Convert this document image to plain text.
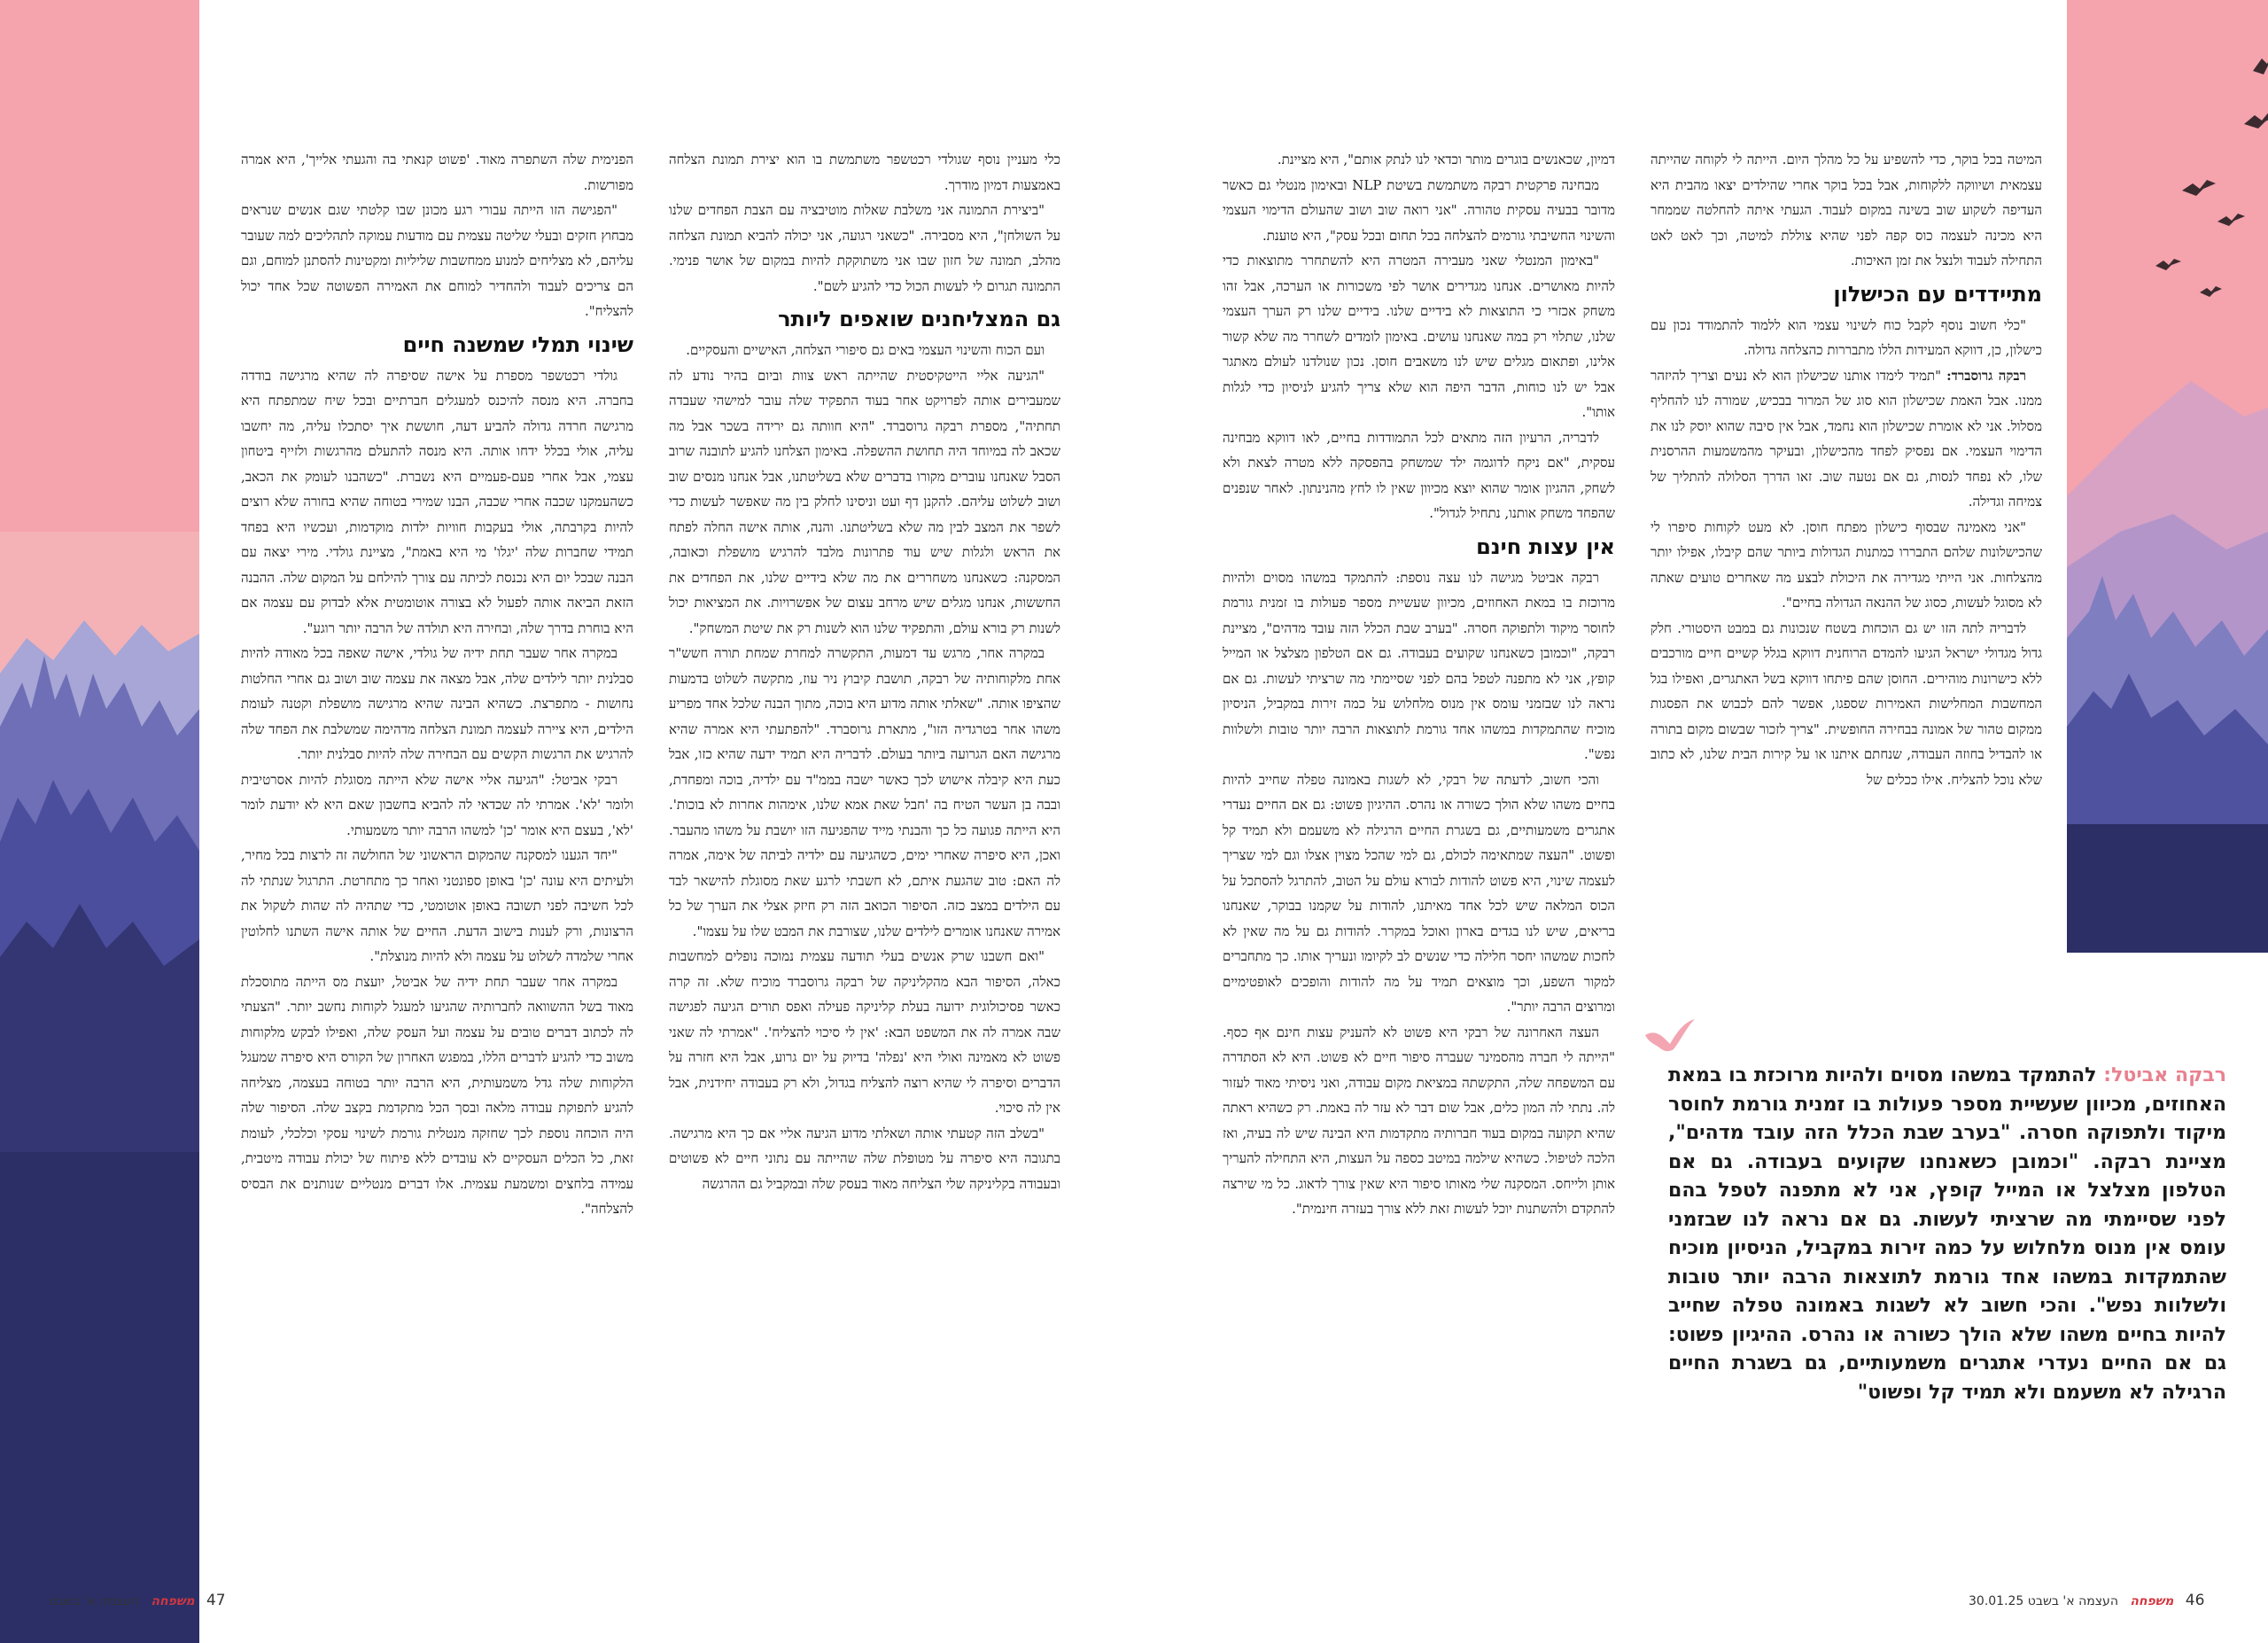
המיטה בכל בוקר, כדי להשפיע על כל מהלך היום. הייתה לי לקוחה שהייתה עצמאית ושיווקה ללקוחות, אבל בכל בוקר אחרי שהילדים יצאו מהבית היא העדיפה לשקוע שוב בשינה במקום לעבוד. הגעתי איתה להחלטה שממחר היא מכינה לעצמה כוס קפה לפני שהיא צוללת למיטה, וכך לאט לאט התחילה לעבוד ולנצל את זמן האיכות.

מתיידדים עם הכישלון

"כלי חשוב נוסף לקבל כוח לשינוי עצמי הוא ללמוד להתמודד נכון עם כישלון, כן, דווקא המעידות הללו מתבררות כהצלחה גדולה.

רבקה גרוסברד: "תמיד לימדו אותנו שכישלון הוא לא נעים וצריך להיזהר ממנו. אבל האמת שכישלון הוא סוג של המרור בבכיש, שמורה לנו להחליף מסלול. אני לא אומרת שכישלון הוא נחמד, אבל אין סיבה שהוא יוסק לנו את הדימוי העצמי. אם נפסיק לפחד מהכישלון, ובעיקר מהמשמעות ההרסנית שלו, לא נפחד לנסות, גם אם נטעה שוב. זאו הדרך הסלולה להתליך של צמיחה וגדילה.

"אני מאמינה שבסוף כישלון מפתח חוסן. לא מעט לקוחות סיפרו לי שהכישלונות שלהם התבררו כמתנות הגדולות ביותר שהם קיבלו, אפילו יותר מהצלחות. אני הייתי מגדירה את היכולת לבצע מה שאחרים טועים שאתה לא מסוגל לעשות, כסוג של ההנאה הגדולה בחיים".

לדבריה לתה הזו יש גם הוכחות בשטח שנכונות גם במבט היסטורי. חלק גדול מגדולי ישראל הגיעו להמדם הרוחנית דווקא בגלל קשיים חיים מורכבים ללא כישרונות מוהירים. החוסן שהם פיתחו דווקא בשל האתגרים, ואפילו בגל המחשבות המחלישות האמירות שספגו, אפשר להם לכבוש את הפסגות ממקום טהור של אמונה בבחירה החופשית. "צריך לזכור שבשום מקום בתורה או להבדיל בחוזה העבודה, שנחתם איתנו או על קירות הבית שלנו, לא כתוב שלא נוכל להצליח. אילו ככלים של

דמיון, שכאנשים בוגרים מותר וכדאי לנו לנתק אותם", היא מציינת.

מבחינה פרקטית רבקה משתמשת בשיטת NLP ובאימון מנטלי גם כאשר מדובר בבעיה עסקית טהורה. "אני רואה שוב ושוב שהעולם הדימוי העצמי והשינוי החשיבתי גורמים להצלחה בכל תחום ובכל עסק", היא טוענת.

"באימון המנטלי שאני מעבירה המטרה היא להשתחרר מתוצאות כדי להיות מאושרים. אנחנו מגדירים אושר לפי משכורות או הערכה, אבל זהו משחק אכזרי כי התוצאות לא בידיים שלנו. בידיים שלנו רק הערך העצמי שלנו, שתלוי רק במה שאנחנו עושים. באימון לומדים לשחרר מה שלא קשור אלינו, ופתאום מגלים שיש לנו משאבים חוסן. נכון שנולדנו לעולם מאתגר אבל יש לנו כוחות, הדבר היפה הוא שלא צריך להגיע לניסיון כדי לגלות אותו".

לדבריה, הרעיון הזה מתאים לכל התמודדות בחיים, לאו דווקא מבחינה עסקית, "אם ניקח לדוגמה ילד שמשחק בהפסקה ללא מטרה לצאת ולא לשחק, ההגיון אומר שהוא יוצא מכיוון שאין לו לחץ מהנינתון. לאחר שנפנים שהפחד משחק אותנו, נתחיל לגדול".

אין עצות חינם

רבקה אביטל מגישה לנו עצה נוספת: להתמקד במשהו מסוים ולהיות מרוכזת בו במאת האחוזים, מכיוון שעשיית מספר פעולות בו זמנית גורמת לחוסר מיקוד ולתפוקה חסרה. "בערב שבת הכלל הזה עובד מדהים", מציינת רבקה, "וכמובן כשאנחנו שקועים בעבודה. גם אם הטלפון מצלצל או המייל קופץ, אני לא מתפנה לטפל בהם לפני שסיימתי מה שרציתי לעשות. גם אם נראה לנו שבזמני עומס אין מנוס מלחלוש על כמה זירות במקביל, הניסיון מוכיח שהתמקדות במשהו אחד גורמת לתוצאות הרבה יותר טובות ולשלוות נפש".

והכי חשוב, לדעתה של רבקי, לא לשגות באמונה טפלה שחייב להיות בחיים משהו שלא הולך כשורה או נהרס. ההיגיון פשוט: גם אם החיים נעדרי אתגרים משמעותיים, גם בשגרת החיים הרגילה לא משעמם ולא תמיד קל ופשוט. "העצה שמתאימה לכולם, גם למי שהכל מצוין אצלו וגם למי שצריך לעצמה שינוי, היא פשוט להודות לבורא עולם על הטוב, להתרגל להסתכל על הכוס המלאה שיש לכל אחד מאיתנו, להודות על שקמנו בבוקר, שאנחנו בריאים, שיש לנו בגדים בארון ואוכל במקרר. להודות גם על מה שאין לא לחכות שמשהו יחסר חלילה כדי שנשים לב לקיומו ונעריך אותו. כך מתחברים למקור השפע, וכך מוצאים תמיד על מה להודות והופכים לאופטימיים ומרוצים הרבה יותר".

העצה האחרונה של רבקי היא פשוט לא להעניק עצות חינם אף כסף. "הייתה לי חברה מהסמינר שעברה סיפור חיים לא פשוט. היא לא הסתדרה עם המשפחה שלה, התקשתה במציאת מקום עבודה, ואני ניסיתי מאוד לעזור לה. נתתי לה המון כלים, אבל שום דבר לא עזר לה באמת. רק כשהיא ראתה שהיא תקועה במקום בעוד חברותיה מתקדמות היא הבינה שיש לה בעיה, ואז הלכה לטיפול. כשהיא שילמה במיטב כספה על העצות, היא התחילה להעריך אותן ולייחס. המסקנה שלי מאותו סיפור היא שאין צורך לדאוג. כל מי שירצה להתקדם ולהשתנות יוכל לעשות זאת ללא צורך בעזרה חינמית".

כלי מעניין נוסף שגולדי רכטשפר משתמשת בו הוא יצירת תמונת הצלחה באמצעות דמיון מודרך.

"ביצירת התמונה אני משלבת שאלות מוטיבציה עם הצבת הפחדים שלנו על השולחן", היא מסבירה. "כשאני רגועה, אני יכולה להביא תמונת הצלחה מהלב, תמונה של חזון שבו אני משתוקקת להיות במקום של אושר פנימי. התמונה תגרום לי לעשות הכול כדי להגיע לשם".

גם המצליחנים שואפים ליותר

ועם הכוח והשינוי העצמי באים גם סיפורי הצלחה, האישיים והעסקיים.

"הגיעה אליי הייטקיסטית שהייתה ראש צוות וביום בהיר נודע לה שמעבירים אותה לפרויקט אחר בעוד התפקיד שלה עובר למישהי שעבדה תחתיה", מספרת רבקה גרוסברד. "היא חוותה גם ירידה בשכר אבל מה שכאב לה במיוחד היה תחושת ההשפלה. באימון הצלחנו להגיע לתובנה שרוב הסבל שאנחנו עוברים מקורו בדברים שלא בשליטתנו, אבל אנחנו מנסים שוב ושוב לשלוט עליהם. להקנן דף ועט וניסינו לחלק בין מה שאפשר לעשות כדי לשפר את המצב לבין מה שלא בשליטתנו. והנה, אותה אישה החלה לפתח את הראש ולגלות שיש עוד פתרונות מלבד להרגיש מושפלת וכאובה, המסקנה: כשאנחנו משחררים את מה שלא בידיים שלנו, את הפחדים את החששות, אנחנו מגלים שיש מרחב עצום של אפשרויות. את המציאות יכול לשנות רק בורא עולם, והתפקיד שלנו הוא לשנות רק את שיטת המשחק".

במקרה אחר, מרגש עד דמעות, התקשרה למחרת שמחת תורה חשש"ר אחת מלקוחותיה של רבקה, תושבת קיבוץ ניר עוז, מתקשה לשלוט בדמעות שהציפו אותה. "שאלתי אותה מדוע היא בוכה, מתוך הבנה שלכל אחד מפריע משהו אחר בטרגדיה הזו", מתארת גרוסברד. "להפתעתי היא אמרה שהיא מרגישה האם הגרועה ביותר בעולם. לדבריה היא תמיד ידעה שהיא כזו, אבל כעת היא קיבלה אישוש לכך כאשר ישבה בממ"ד עם ילדיה, בוכה ומפחדת, ובבה בן העשר הטיח בה 'חבל שאת אמא שלנו, אימהות אחרות לא בוכות'. היא הייתה פגועה כל כך והבנתי מייד שהפגיעה הזו יושבת על משהו מהעבר. ואכן, היא סיפרה שאחרי ימים, כשהגיעה עם ילדיה לביתה של אימה, אמרה לה האם: טוב שהגעת איתם, לא חשבתי לרגע שאת מסוגלת להישאר לבד עם הילדים במצב כזה. הסיפור הכואב הזה רק חיזק אצלי את הערך של כל אמירה שאנחנו אומרים לילדים שלנו, שצורבת את המבט שלו על עצמו".

"ואם חשבנו שרק אנשים בעלי תודעה עצמית נמוכה נופלים למחשבות כאלה, הסיפור הבא מהקליניקה של רבקה גרוסברד מוכיח שלא. זה קרה כאשר פסיכולוגית ידועה בעלת קליניקה פעילה ואפס תורים הגיעה לפגישה שבה אמרה לה את המשפט הבא: 'אין לי סיכוי להצליח'. "אמרתי לה שאני פשוט לא מאמינה ואולי היא 'נפלה' בדיוק על יום גרוע, אבל היא חזרה על הדברים וסיפרה לי שהיא רוצה להצליח בגדול, ולא רק בעבודה יחידנית, אבל אין לה סיכוי.

"בשלב הזה קטעתי אותה ושאלתי מדוע הגיעה אליי אם כך היא מרגישה. בתגובה היא סיפרה על מטופלת שלה שהייתה עם נתוני חיים לא פשוטים ובעבודה בקליניקה שלי הצליחה מאוד בעסק שלה ובמקביל גם ההרגשה

הפנימית שלה השתפרה מאוד. 'פשוט קנאתי בה והגעתי אלייך', היא אמרה מפורשות.

"הפגישה הזו הייתה עבורי רגע מכונן שבו קלטתי שגם אנשים שנראים מבחוץ חזקים ובעלי שליטה עצמית עם מודעות עמוקה לתהליכים למה שעובר עליהם, לא מצליחים למנוע ממחשבות שליליות ומקטינות להסתנן למוחם, וגם הם צריכים לעבוד ולהחדיר למוחם את האמירה הפשוטה שכל אחד יכול להצליח".

שינוי תמלי שמשנה חיים

גולדי רכטשפר מספרת על אישה שסיפרה לה שהיא מרגישה בודדה בחברה. היא מנסה להיכנס למעגלים חברתיים ובכל שיח שמתפתח היא מרגישה חרדה גדולה להביע דעה, חוששת איך יסתכלו עליה, מה יחשבו עליה, אולי בכלל ידחו אותה. היא מנסה להתעלם מהרגשות ולזייף ביטחון עצמי, אבל אחרי פעם-פעמיים היא נשברת. "כשהבנו לעומק את הכאב, כשהעמקנו שכבה אחרי שכבה, הבנו שמירי בטוחה שהיא בחורה שלא רוצים להיות בקרבתה, אולי בעקבות חוויות ילדות מוקדמות, ועכשיו היא בפחד תמידי שחברות שלה 'יגלו' מי היא באמת", מציינת גולדי. מירי יצאה עם הבנה שבכל יום היא נכנסת לכיתה עם צורך להילחם על המקום שלה. ההבנה הזאת הביאה אותה לפעול לא בצורה אוטומטית אלא לבדוק עם עצמה אם היא בוחרת בדרך שלה, ובחירה היא תולדה של הרבה יותר רוגע".

במקרה אחר שעבר תחת ידיה של גולדי, אישה שאפה בכל מאודה להיות סבלנית יותר לילדים שלה, אבל מצאה את עצמה שוב ושוב גם אחרי החלטות נחושות - מתפרצת. כשהיא הבינה שהיא מרגישה מושפלת וקטנה לעומת הילדים, היא ציירה לעצמה תמונת הצלחה מדהימה שמשלבת את הפחד שלה להרגיש את הרגשות הקשים עם הבחירה שלה להיות סבלנית יותר.

רבקי אביטל: "הגיעה אליי אישה שלא הייתה מסוגלת להיות אסרטיבית ולומר 'לא'. אמרתי לה שכדאי לה להביא בחשבון שאם היא לא יודעת לומר 'לא', בעצם היא אומר 'כן' למשהו הרבה יותר משמעותי.

"יחד הגענו למסקנה שהמקום הראשוני של החולשה זה לרצות בכל מחיר, ולעיתים היא עונה 'כן' באופן ספונטני ואחר כך מתחרטת. התרגול שנתתי לה לכל חשיבה לפני תשובה באופן אוטומטי, כדי שתהיה לה שהות לשקול את הרצונות, ורק לענות בישוב הדעת. החיים של אותה אישה השתנו לחלוטין אחרי שלמדה לשלוט על עצמה ולא להיות מנוצלת".

במקרה אחר שעבר תחת ידיה של אביטל, יועצת מס הייתה מתוסכלת מאוד בשל ההשוואה לחברותיה שהגיעו למעגל לקוחות נחשב יותר. "הצעתי לה לכתוב דברים טובים על עצמה ועל העסק שלה, ואפילו לבקש מלקוחות משוב כדי להגיע לדברים הללו, במפגש האחרון של הקורס היא סיפרה שמעגל הלקוחות שלה גדל משמעותית, היא הרבה יותר בטוחה בעצמה, מצליחה להגיע לתפוקת עבודה מלאה ובסך הכל מתקדמת בקצב שלה. הסיפור שלה היה הוכחה נוספת לכך שחזקה מנטלית גורמת לשינוי עסקי וכלכלי, לעומת זאת, כל הכלים העסקיים לא עובדים ללא פיתוח של יכולת עבודה מיטבית, עמידה בלחצים ומשמעת עצמית. אלו דברים מנטליים שנותנים את הבסיס להצלחה".

רבקה אביטל: להתמקד במשהו מסוים ולהיות מרוכזת בו במאת האחוזים, מכיוון שעשיית מספר פעולות בו זמנית גורמת לחוסר מיקוד ולתפוקה חסרה. "בערב שבת הכלל הזה עובד מדהים", מציינת רבקה. "וכמובן כשאנחנו שקועים בעבודה. גם אם הטלפון מצלצל או המייל קופץ, אני לא מתפנה לטפל בהם לפני שסיימתי מה שרציתי לעשות. גם אם נראה לנו שבזמני עומס אין מנוס מלחלוש על כמה זירות במקביל, הניסיון מוכיח שהתמקדות במשהו אחד גורמת לתוצאות הרבה יותר טובות ולשלוות נפש". והכי חשוב לא לשגות באמונה טפלה שחייב להיות בחיים משהו שלא הולך כשורה או נהרס. ההיגיון פשוט: גם אם החיים נעדרי אתגרים משמעותיים, גם בשגרת החיים הרגילה לא משעמם ולא תמיד קל ופשוט"
47   משפחה   העצמה א' בשבט	46   משפחה   העצמה א' בשבט 30.01.25
